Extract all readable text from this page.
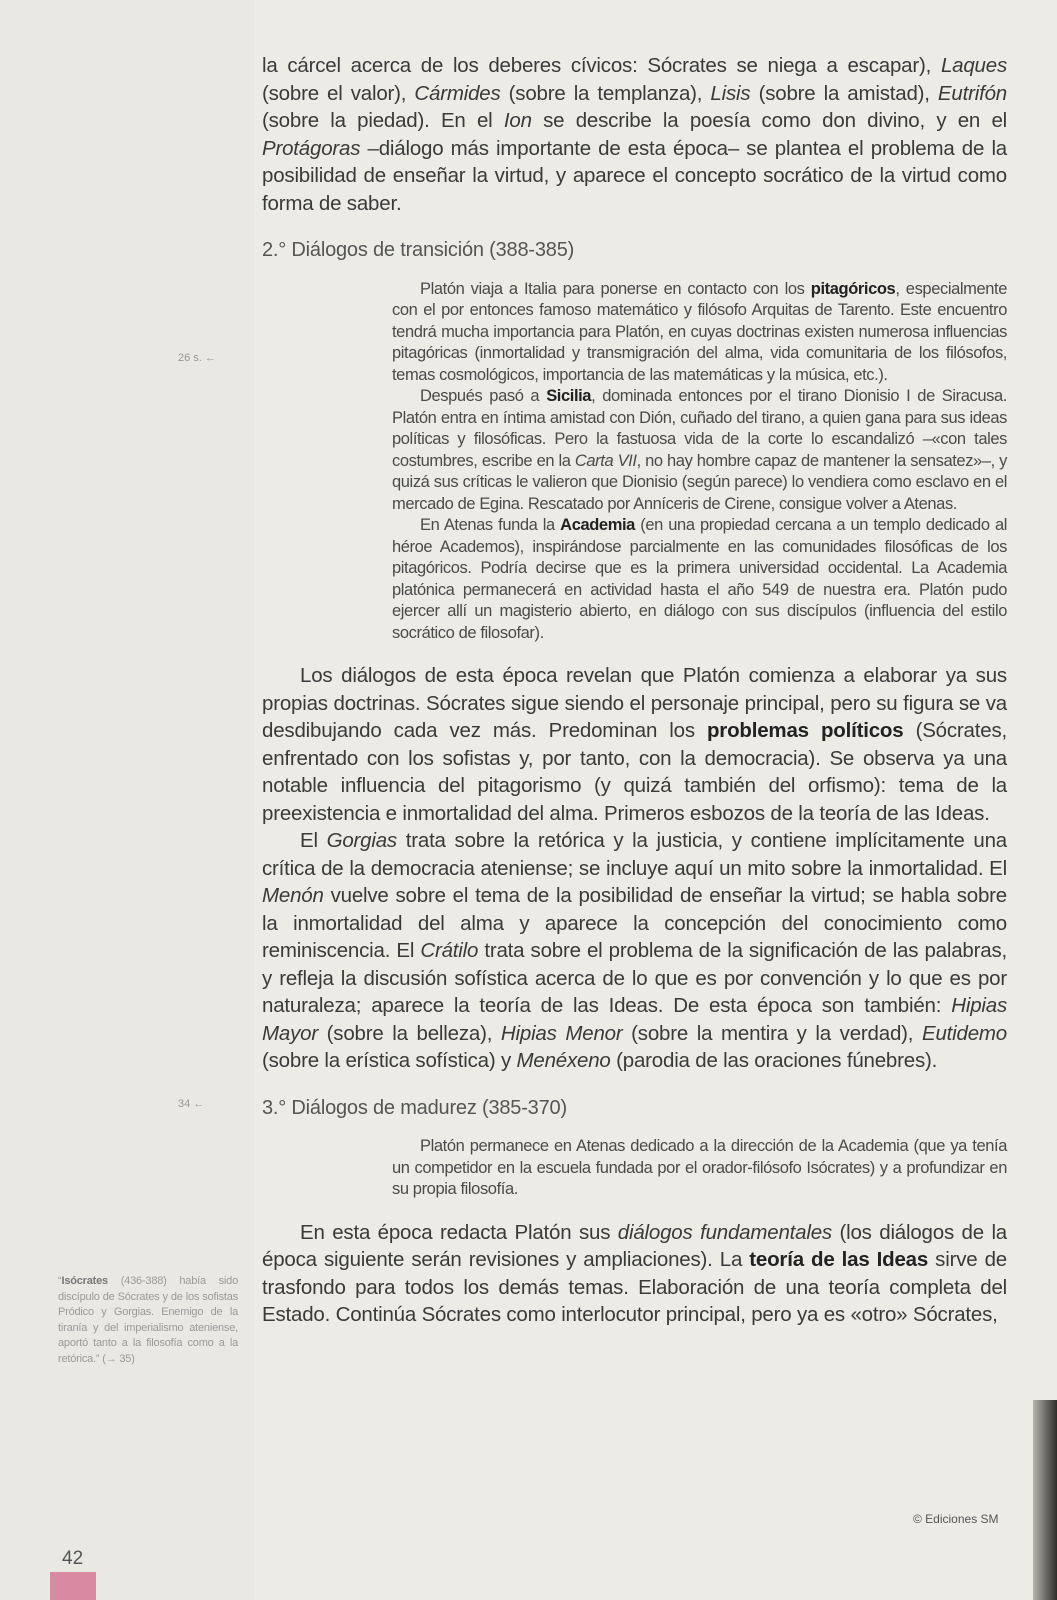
la cárcel acerca de los deberes cívicos: Sócrates se niega a escapar), Laques (sobre el valor), Cármides (sobre la templanza), Lisis (sobre la amistad), Eutrifón (sobre la piedad). En el Ion se describe la poesía como don divino, y en el Protágoras –diálogo más importante de esta época– se plantea el problema de la posibilidad de enseñar la virtud, y aparece el concepto socrático de la virtud como forma de saber.

2.° Diálogos de transición (388-385)

Platón viaja a Italia para ponerse en contacto con los pitagóricos, especialmente con el por entonces famoso matemático y filósofo Arquitas de Tarento. Este encuentro tendrá mucha importancia para Platón, en cuyas doctrinas existen numerosa influencias pitagóricas (inmortalidad y transmigración del alma, vida comunitaria de los filósofos, temas cosmológicos, importancia de las matemáticas y la música, etc.).

Después pasó a Sicilia, dominada entonces por el tirano Dionisio I de Siracusa. Platón entra en íntima amistad con Dión, cuñado del tirano, a quien gana para sus ideas políticas y filosóficas. Pero la fastuosa vida de la corte lo escandalizó –«con tales costumbres, escribe en la Carta VII, no hay hombre capaz de mantener la sensatez»–, y quizá sus críticas le valieron que Dionisio (según parece) lo vendiera como esclavo en el mercado de Egina. Rescatado por Anníceris de Cirene, consigue volver a Atenas.

En Atenas funda la Academia (en una propiedad cercana a un templo dedicado al héroe Academos), inspirándose parcialmente en las comunidades filosóficas de los pitagóricos. Podría decirse que es la primera universidad occidental. La Academia platónica permanecerá en actividad hasta el año 549 de nuestra era. Platón pudo ejercer allí un magisterio abierto, en diálogo con sus discípulos (influencia del estilo socrático de filosofar).

Los diálogos de esta época revelan que Platón comienza a elaborar ya sus propias doctrinas. Sócrates sigue siendo el personaje principal, pero su figura se va desdibujando cada vez más. Predominan los problemas políticos (Sócrates, enfrentado con los sofistas y, por tanto, con la democracia). Se observa ya una notable influencia del pitagorismo (y quizá también del orfismo): tema de la preexistencia e inmortalidad del alma. Primeros esbozos de la teoría de las Ideas.

El Gorgias trata sobre la retórica y la justicia, y contiene implícitamente una crítica de la democracia ateniense; se incluye aquí un mito sobre la inmortalidad. El Menón vuelve sobre el tema de la posibilidad de enseñar la virtud; se habla sobre la inmortalidad del alma y aparece la concepción del conocimiento como reminiscencia. El Crátilo trata sobre el problema de la significación de las palabras, y refleja la discusión sofística acerca de lo que es por convención y lo que es por naturaleza; aparece la teoría de las Ideas. De esta época son también: Hipias Mayor (sobre la belleza), Hipias Menor (sobre la mentira y la verdad), Eutidemo (sobre la erística sofística) y Menéxeno (parodia de las oraciones fúnebres).

3.° Diálogos de madurez (385-370)

Platón permanece en Atenas dedicado a la dirección de la Academia (que ya tenía un competidor en la escuela fundada por el orador-filósofo Isócrates) y a profundizar en su propia filosofía.

En esta época redacta Platón sus diálogos fundamentales (los diálogos de la época siguiente serán revisiones y ampliaciones). La teoría de las Ideas sirve de trasfondo para todos los demás temas. Elaboración de una teoría completa del Estado. Continúa Sócrates como interlocutor principal, pero ya es «otro» Sócrates,

26 s. ←
34 ←
“Isócrates (436-388) había sido discípulo de Sócrates y de los sofistas Pródico y Gorgias. Enemigo de la tiranía y del imperialismo ateniense, aportó tanto a la filosofía como a la retórica.” (→ 35)
© Ediciones SM
42
